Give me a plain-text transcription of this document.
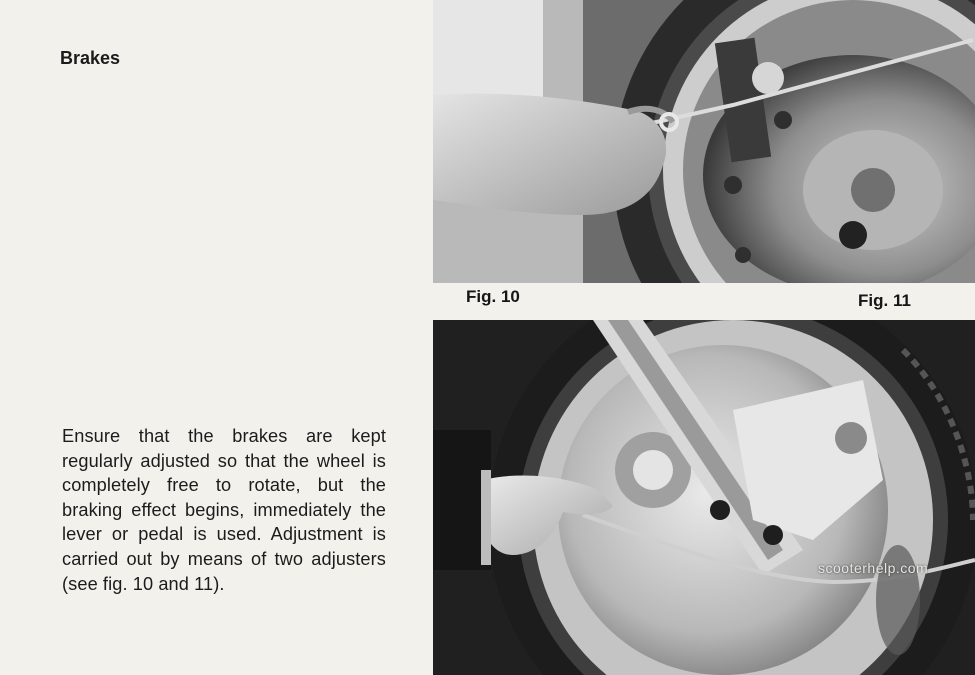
Brakes

Ensure that the brakes are kept regularly adjusted so that the wheel is completely free to rotate, but the braking effect begins, immediately the lever or pedal is used. Adjustment is carried out by means of two adjusters (see fig. 10 and 11).

Fig. 10	Fig. 11
scooterhelp.com
